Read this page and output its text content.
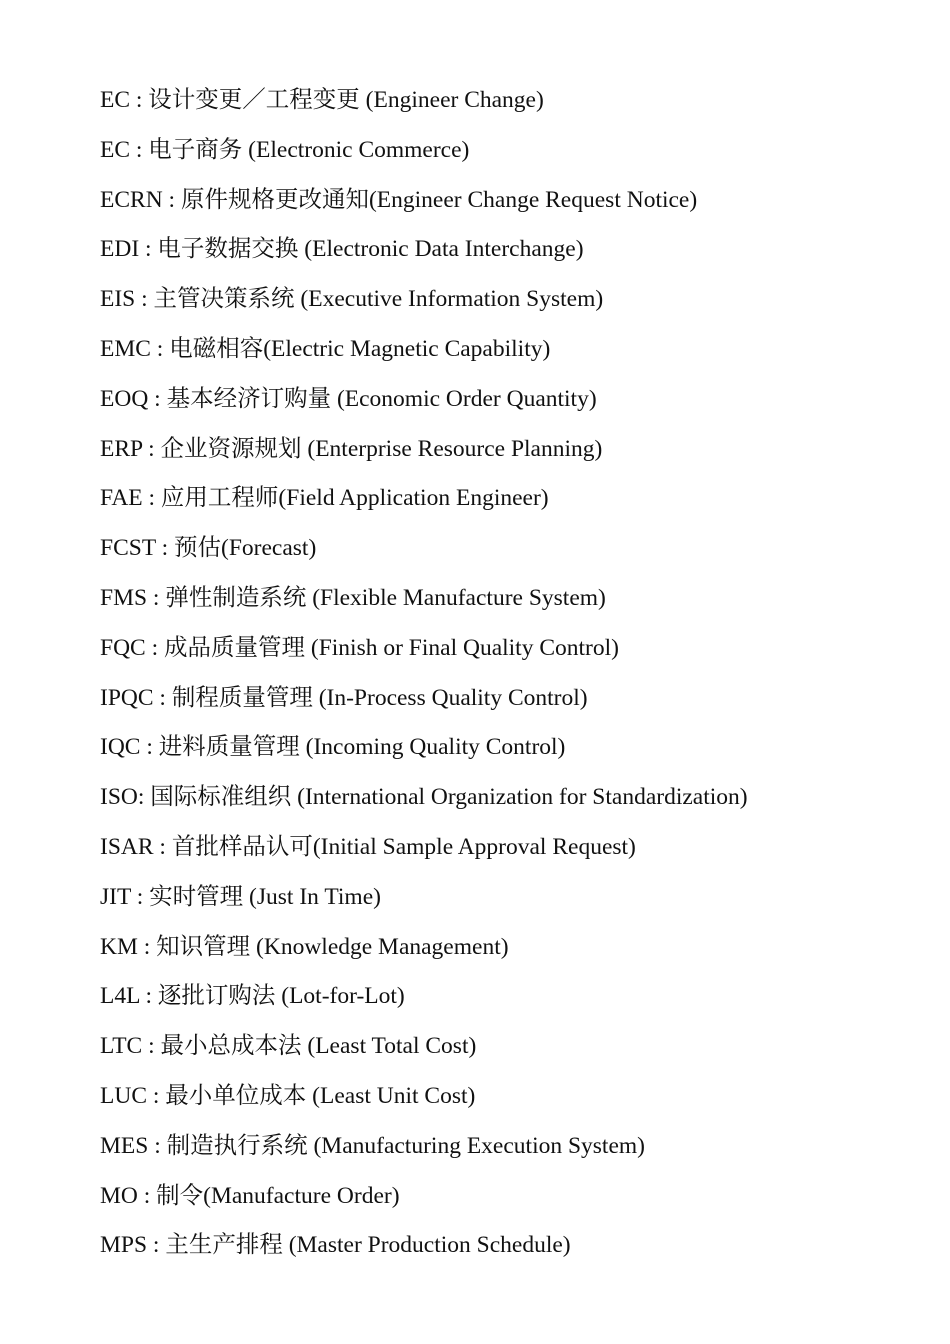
EC : 设计变更／工程变更 (Engineer Change)
EC : 电子商务 (Electronic Commerce)
ECRN : 原件规格更改通知(Engineer Change Request Notice)
EDI : 电子数据交换 (Electronic Data Interchange)
EIS : 主管决策系统 (Executive Information System)
EMC : 电磁相容(Electric Magnetic Capability)
EOQ : 基本经济订购量 (Economic Order Quantity)
ERP : 企业资源规划 (Enterprise Resource Planning)
FAE : 应用工程师(Field Application Engineer)
FCST : 预估(Forecast)
FMS : 弹性制造系统 (Flexible Manufacture System)
FQC : 成品质量管理 (Finish or Final Quality Control)
IPQC : 制程质量管理 (In-Process Quality Control)
IQC : 进料质量管理 (Incoming Quality Control)
ISO: 国际标准组织 (International Organization for Standardization)
ISAR : 首批样品认可(Initial Sample Approval Request)
JIT : 实时管理 (Just In Time)
KM : 知识管理 (Knowledge Management)
L4L : 逐批订购法 (Lot-for-Lot)
LTC : 最小总成本法 (Least Total Cost)
LUC : 最小单位成本 (Least Unit Cost)
MES : 制造执行系统 (Manufacturing Execution System)
MO : 制令(Manufacture Order)
MPS : 主生产排程 (Master Production Schedule)
